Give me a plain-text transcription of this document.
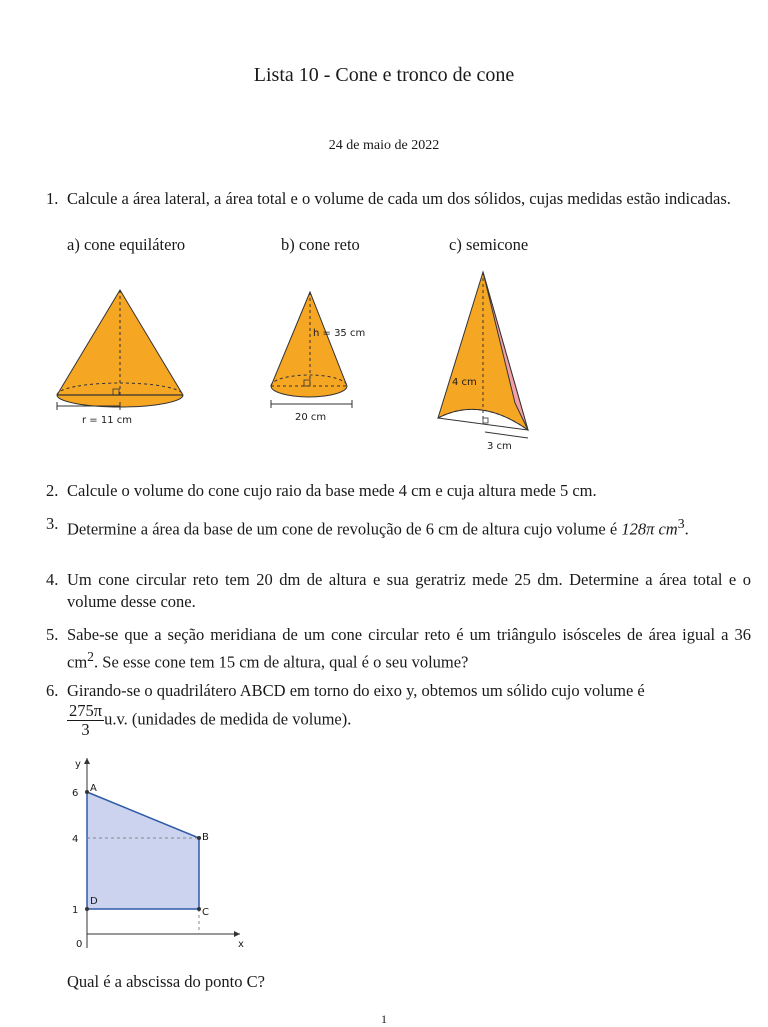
Lista 10 - Cone e tronco de cone
24 de maio de 2022
1. Calcule a área lateral, a área total e o volume de cada um dos sólidos, cujas medidas estão indicadas.
a) cone equilátero	b) cone reto	c) semicone
r = 11 cm	20 cm
h = 35 cm
4 cm
3 cm
2. Calcule o volume do cone cujo raio da base mede 4 cm e cuja altura mede 5 cm.
3. Determine a área da base de um cone de revolução de 6 cm de altura cujo volume é 128π $cm^3$.
4. Um cone circular reto tem 20 dm de altura e sua geratriz mede 25 dm. Determine a área total e o volume desse cone.
5. Sabe-se que a seção meridiana de um cone circular reto é um triângulo isósceles de área igual a 36 $cm^2$. Se esse cone tem 15 cm de altura, qual é o seu volume?
6. Girando-se o quadrilátero ABCD em torno do eixo y, obtemos um sólido cujo volume é

$\frac{275\pi}{3} u.v$. (unidades de medida de volume).
y
x
0
6
4
1
A
B
C
D
Qual é a abscissa do ponto C?
1
